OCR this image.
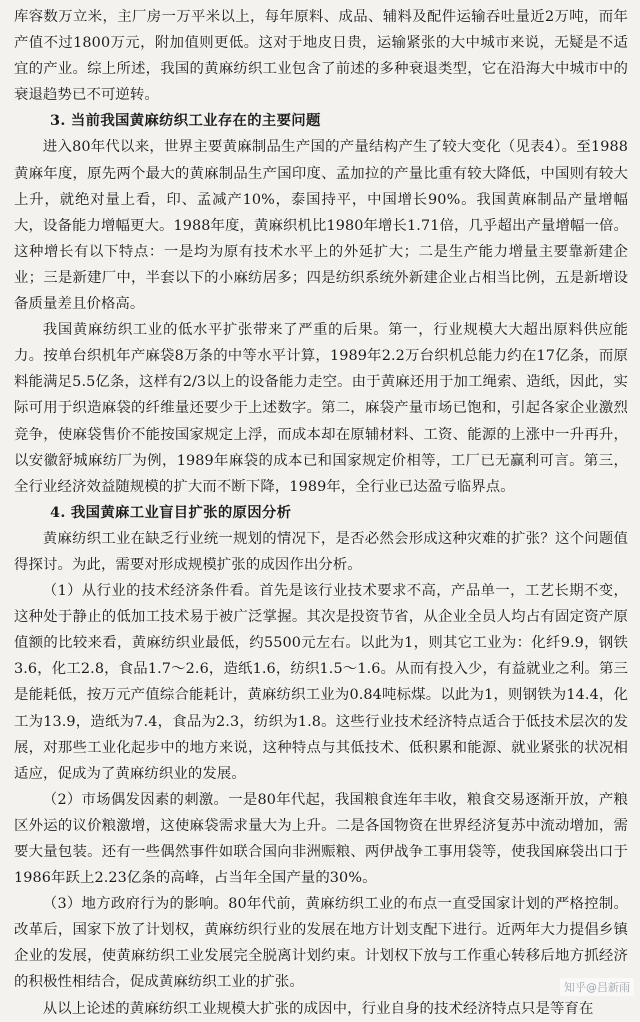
库容数万立米，主厂房一万平米以上，每年原料、成品、辅料及配件运输吞吐量近2万吨，而年产值不过1800万元，附加值则更低。这对于地皮日贵，运输紧张的大中城市来说，无疑是不适宜的产业。综上所述，我国的黄麻纺织工业包含了前述的多种衰退类型，它在沿海大中城市中的衰退趋势已不可逆转。

3. 当前我国黄麻纺织工业存在的主要问题

进入80年代以来，世界主要黄麻制品生产国的产量结构产生了较大变化（见表4）。至1988黄麻年度，原先两个最大的黄麻制品生产国印度、孟加拉的产量比重有较大降低，中国则有较大上升，就绝对量上看，印、孟减产10%，泰国持平，中国增长90%。我国黄麻制品产量增幅大，设备能力增幅更大。1988年度，黄麻织机比1980年增长1.71倍，几乎超出产量增幅一倍。这种增长有以下特点：一是均为原有技术水平上的外延扩大；二是生产能力增量主要靠新建企业；三是新建厂中，半套以下的小麻纺居多；四是纺织系统外新建企业占相当比例，五是新增设备质量差且价格高。

我国黄麻纺织工业的低水平扩张带来了严重的后果。第一，行业规模大大超出原料供应能力。按单台织机年产麻袋8万条的中等水平计算，1989年2.2万台织机总能力约在17亿条，而原料能满足5.5亿条，这样有2/3以上的设备能力走空。由于黄麻还用于加工绳索、造纸，因此，实际可用于织造麻袋的纤维量还要少于上述数字。第二，麻袋产量市场已饱和，引起各家企业激烈竞争，使麻袋售价不能按国家规定上浮，而成本却在原辅材料、工资、能源的上涨中一升再升，以安徽舒城麻纺厂为例，1989年麻袋的成本已和国家规定价相等，工厂已无赢利可言。第三，全行业经济效益随规模的扩大而不断下降，1989年，全行业已达盈亏临界点。

4. 我国黄麻工业盲目扩张的原因分析

黄麻纺织工业在缺乏行业统一规划的情况下，是否必然会形成这种灾难的扩张？这个问题值得探讨。为此，需要对形成规模扩张的成因作出分析。

（1）从行业的技术经济条件看。首先是该行业技术要求不高，产品单一，工艺长期不变，这种处于静止的低加工技术易于被广泛掌握。其次是投资节省，从企业全员人均占有固定资产原值额的比较来看，黄麻纺织业最低，约5500元左右。以此为1，则其它工业为：化纤9.9，钢铁3.6，化工2.8，食品1.7～2.6，造纸1.6，纺织1.5～1.6。从而有投入少，有益就业之利。第三是能耗低，按万元产值综合能耗计，黄麻纺织工业为0.84吨标煤。以此为1，则钢铁为14.4，化工为13.9，造纸为7.4，食品为2.3，纺织为1.8。这些行业技术经济特点适合于低技术层次的发展，对那些工业化起步中的地方来说，这种特点与其低技术、低积累和能源、就业紧张的状况相适应，促成为了黄麻纺织业的发展。

（2）市场偶发因素的刺激。一是80年代起，我国粮食连年丰收，粮食交易逐渐开放，产粮区外运的议价粮激增，这使麻袋需求量大为上升。二是各国物资在世界经济复苏中流动增加，需要大量包装。还有一些偶然事件如联合国向非洲赈粮、两伊战争工事用袋等，使我国麻袋出口于1986年跃上2.23亿条的高峰，占当年全国产量的30%。

（3）地方政府行为的影响。80年代前，黄麻纺织工业的布点一直受国家计划的严格控制。改革后，国家下放了计划权，黄麻纺织行业的发展在地方计划支配下进行。近两年大力提倡乡镇企业的发展，使黄麻纺织工业发展完全脱离计划约束。计划权下放与工作重心转移后地方抓经济的积极性相结合，促成黄麻纺织工业的扩张。

从以上论述的黄麻纺织工业规模大扩张的成因中，行业自身的技术经济特点只是等育在

知乎@吕新雨
